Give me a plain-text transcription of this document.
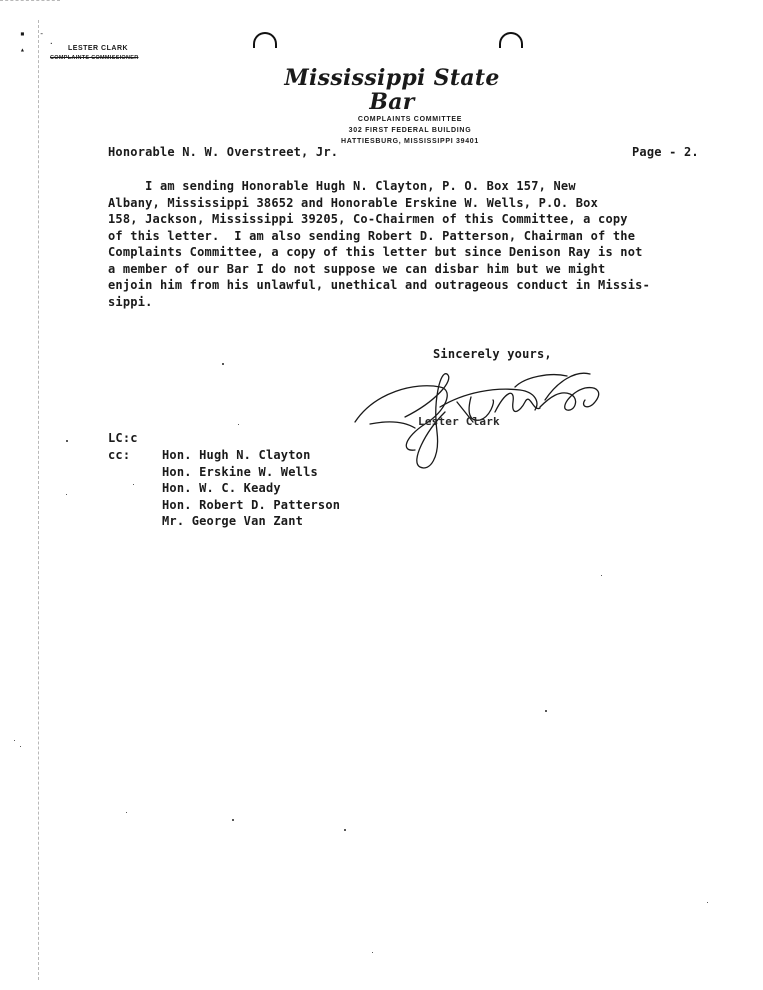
▪   -
.
▴	LESTER CLARK
COMPLAINTS COMMISSIONER
Mississippi State Bar
COMPLAINTS COMMITTEE
302 FIRST FEDERAL BUILDING
HATTIESBURG, MISSISSIPPI 39401
Honorable N. W. Overstreet, Jr.	Page - 2.
I am sending Honorable Hugh N. Clayton, P. O. Box 157, New
Albany, Mississippi 38652 and Honorable Erskine W. Wells, P.O. Box
158, Jackson, Mississippi 39205, Co-Chairmen of this Committee, a copy
of this letter.  I am also sending Robert D. Patterson, Chairman of the
Complaints Committee, a copy of this letter but since Denison Ray is not
a member of our Bar I do not suppose we can disbar him but we might
enjoin him from his unlawful, unethical and outrageous conduct in Missis-
sippi.
Sincerely yours,
Lester Clark
LC:c
cc:	Hon. Hugh N. Clayton
Hon. Erskine W. Wells
Hon. W. C. Keady
Hon. Robert D. Patterson
Mr. George Van Zant
